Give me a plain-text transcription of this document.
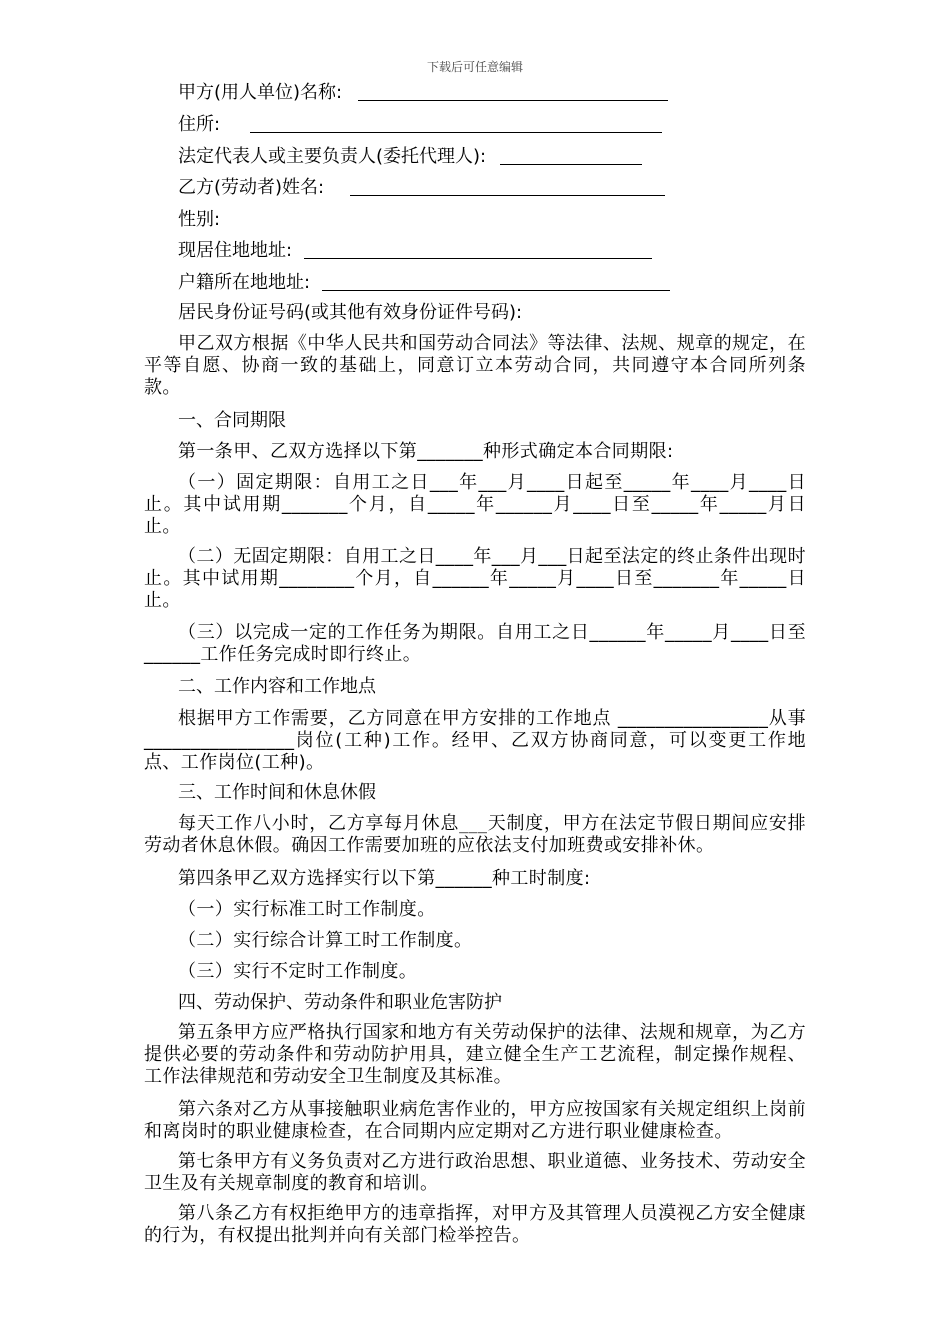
下载后可任意编辑
甲方(用人单位)名称:
住所:
法定代表人或主要负责人(委托代理人):
乙方(劳动者)姓名:
性别:
现居住地地址:
户籍所在地地址:
居民身份证号码(或其他有效身份证件号码):
甲乙双方根据《中华人民共和国劳动合同法》等法律、法规、规章的规定，在平等自愿、协商一致的基础上，同意订立本劳动合同，共同遵守本合同所列条款。
一、合同期限
第一条甲、乙双方选择以下第_______种形式确定本合同期限:
（一）固定期限：自用工之日___年___月____日起至_____年____月____日止。其中试用期_______个月，自_____年______月____日至_____年_____月日止。
（二）无固定期限：自用工之日____年___月___日起至法定的终止条件出现时止。其中试用期________个月，自______年_____月____日至_______年_____日止。
（三）以完成一定的工作任务为期限。自用工之日______年_____月____日至______工作任务完成时即行终止。
二、工作内容和工作地点
根据甲方工作需要，乙方同意在甲方安排的工作地点 ________________从事________________岗位(工种)工作。经甲、乙双方协商同意，可以变更工作地点、工作岗位(工种)。
三、工作时间和休息休假
每天工作八小时，乙方享每月休息___天制度，甲方在法定节假日期间应安排劳动者休息休假。确因工作需要加班的应依法支付加班费或安排补休。
第四条甲乙双方选择实行以下第______种工时制度:
（一）实行标准工时工作制度。
（二）实行综合计算工时工作制度。
（三）实行不定时工作制度。
四、劳动保护、劳动条件和职业危害防护
第五条甲方应严格执行国家和地方有关劳动保护的法律、法规和规章，为乙方提供必要的劳动条件和劳动防护用具，建立健全生产工艺流程，制定操作规程、工作法律规范和劳动安全卫生制度及其标准。
第六条对乙方从事接触职业病危害作业的，甲方应按国家有关规定组织上岗前和离岗时的职业健康检查，在合同期内应定期对乙方进行职业健康检查。
第七条甲方有义务负责对乙方进行政治思想、职业道德、业务技术、劳动安全卫生及有关规章制度的教育和培训。
第八条乙方有权拒绝甲方的违章指挥，对甲方及其管理人员漠视乙方安全健康的行为，有权提出批判并向有关部门检举控告。
